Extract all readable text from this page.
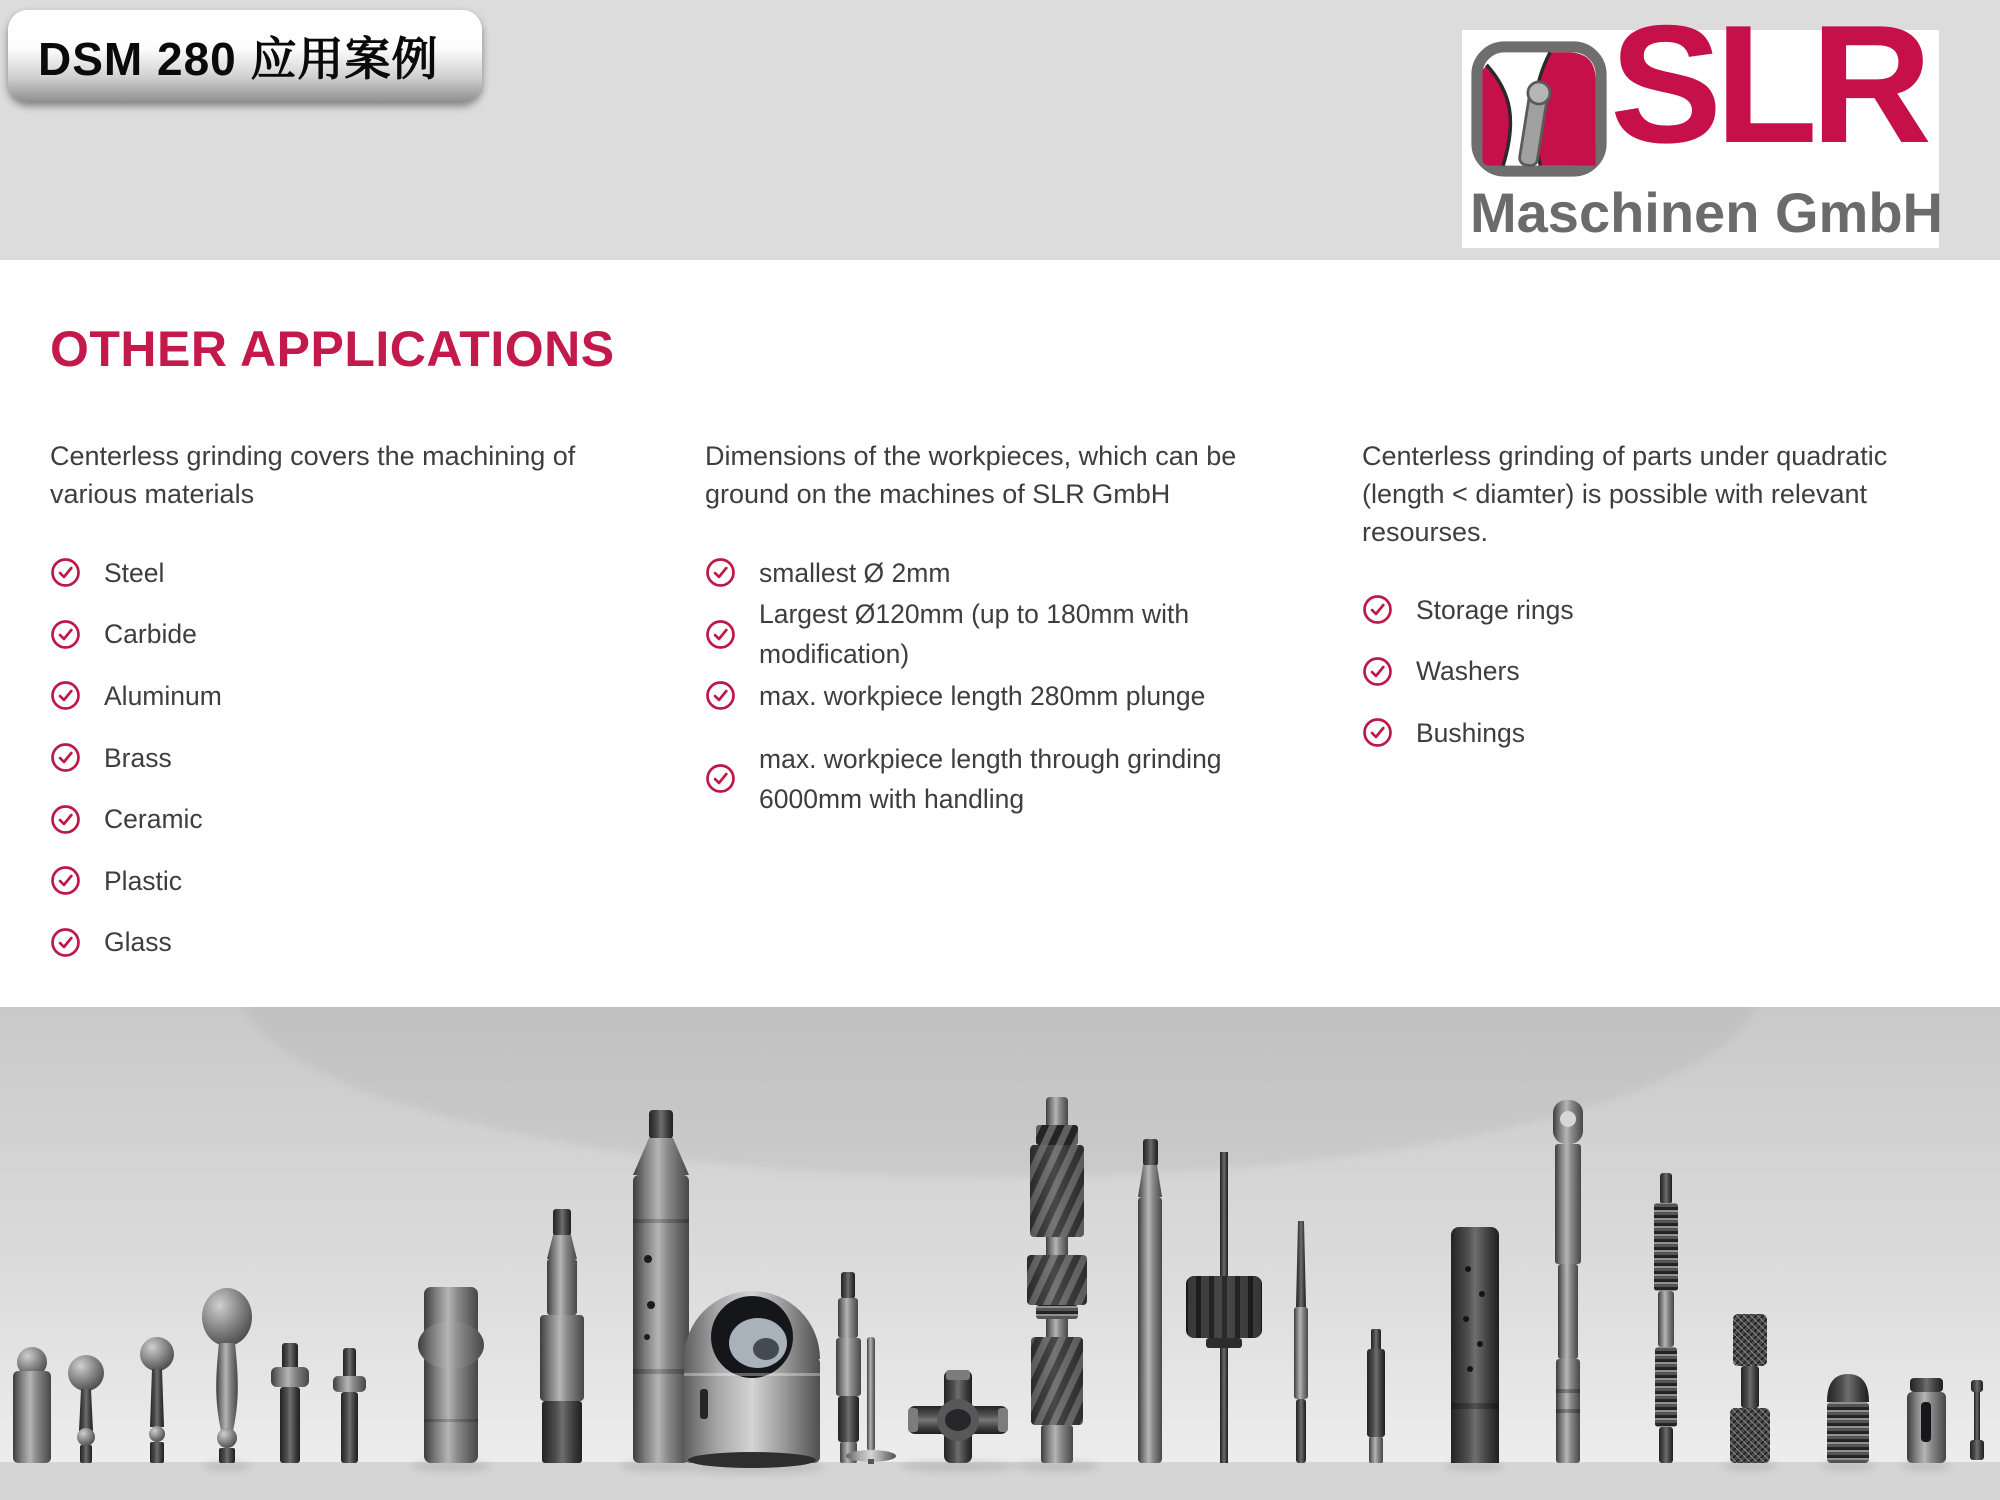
DSM 280 应用案例	SLR
Maschinen GmbH
OTHER APPLICATIONS

Centerless grinding covers the machining of various materials

Steel
Carbide
Aluminum
Brass
Ceramic
Plastic
Glass

Dimensions of the workpieces, which can be ground on the machines of SLR GmbH

smallest Ø 2mm
Largest Ø120mm (up to 180mm with modification)
max. workpiece length 280mm plunge
max. workpiece length through grinding 6000mm with handling

Centerless grinding of parts under quadratic (length < diamter) is possible with relevant resourses.

Storage rings
Washers
Bushings
